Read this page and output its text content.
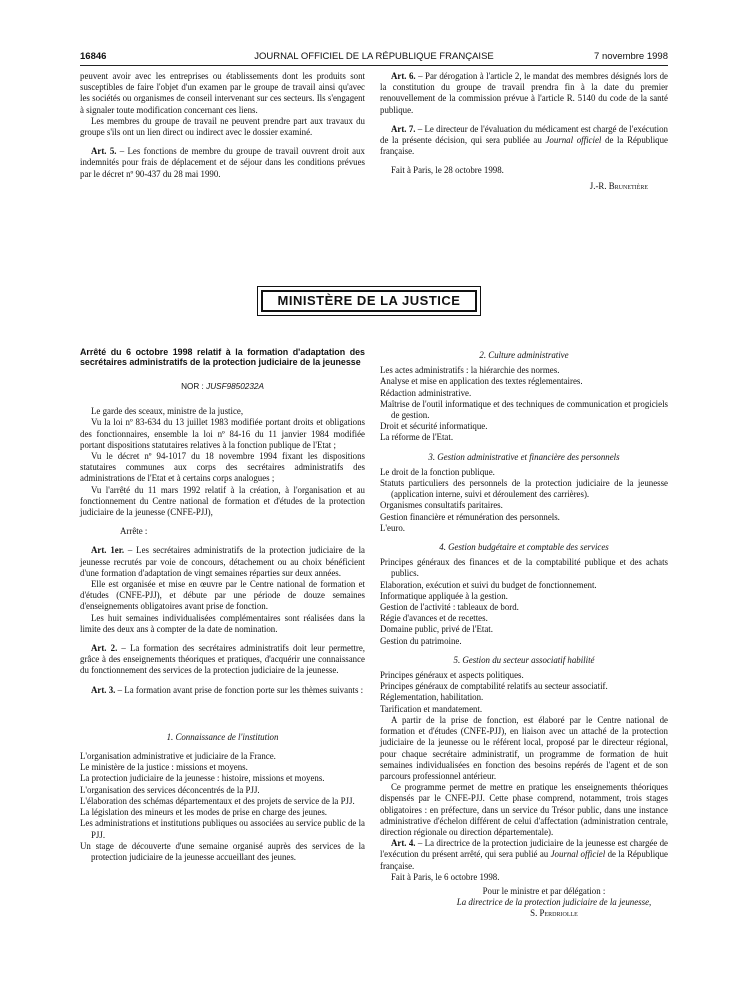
16846	JOURNAL OFFICIEL DE LA RÉPUBLIQUE FRANÇAISE	7 novembre 1998

peuvent avoir avec les entreprises ou établissements dont les produits sont susceptibles de faire l'objet d'un examen par le groupe de travail ainsi qu'avec les sociétés ou organismes de conseil intervenant sur ces secteurs. Ils s'engagent à signaler toute modification concernant ces liens.

Les membres du groupe de travail ne peuvent prendre part aux travaux du groupe s'ils ont un lien direct ou indirect avec le dossier examiné.

Art. 5. – Les fonctions de membre du groupe de travail ouvrent droit aux indemnités pour frais de déplacement et de séjour dans les conditions prévues par le décret nº 90-437 du 28 mai 1990.

Art. 6. – Par dérogation à l'article 2, le mandat des membres désignés lors de la constitution du groupe de travail prendra fin à la date du premier renouvellement de la commission prévue à l'article R. 5140 du code de la santé publique.

Art. 7. – Le directeur de l'évaluation du médicament est chargé de l'exécution de la présente décision, qui sera publiée au Journal officiel de la République française.

Fait à Paris, le 28 octobre 1998.

J.-R. Brunetière

MINISTÈRE DE LA JUSTICE

Arrêté du 6 octobre 1998 relatif à la formation d'adaptation des secrétaires administratifs de la protection judiciaire de la jeunesse

NOR : JUSF9850232A

Le garde des sceaux, ministre de la justice,

Vu la loi nº 83-634 du 13 juillet 1983 modifiée portant droits et obligations des fonctionnaires, ensemble la loi nº 84-16 du 11 janvier 1984 modifiée portant dispositions statutaires relatives à la fonction publique de l'Etat ;

Vu le décret nº 94-1017 du 18 novembre 1994 fixant les dispositions statutaires communes aux corps des secrétaires administratifs des administrations de l'Etat et à certains corps analogues ;

Vu l'arrêté du 11 mars 1992 relatif à la création, à l'organisation et au fonctionnement du Centre national de formation et d'études de la protection judiciaire de la jeunesse (CNFE-PJJ),

Arrête :

Art. 1er. – Les secrétaires administratifs de la protection judiciaire de la jeunesse recrutés par voie de concours, détachement ou au choix bénéficient d'une formation d'adaptation de vingt semaines réparties sur deux années.

Elle est organisée et mise en œuvre par le Centre national de formation et d'études (CNFE-PJJ), et débute par une période de douze semaines d'enseignements obligatoires avant prise de fonction.

Les huit semaines individualisées complémentaires sont réalisées dans la limite des deux ans à compter de la date de nomination.

Art. 2. – La formation des secrétaires administratifs doit leur permettre, grâce à des enseignements théoriques et pratiques, d'acquérir une connaissance du fonctionnement des services de la protection judiciaire de la jeunesse.

Art. 3. – La formation avant prise de fonction porte sur les thèmes suivants :

1. Connaissance de l'institution

L'organisation administrative et judiciaire de la France.

Le ministère de la justice : missions et moyens.

La protection judiciaire de la jeunesse : histoire, missions et moyens.

L'organisation des services déconcentrés de la PJJ.

L'élaboration des schémas départementaux et des projets de service de la PJJ.

La législation des mineurs et les modes de prise en charge des jeunes.

Les administrations et institutions publiques ou associées au service public de la PJJ.

Un stage de découverte d'une semaine organisé auprès des services de la protection judiciaire de la jeunesse accueillant des jeunes.

2. Culture administrative

Les actes administratifs : la hiérarchie des normes.

Analyse et mise en application des textes réglementaires.

Rédaction administrative.

Maîtrise de l'outil informatique et des techniques de communication et progiciels de gestion.

Droit et sécurité informatique.

La réforme de l'Etat.

3. Gestion administrative et financière des personnels

Le droit de la fonction publique.

Statuts particuliers des personnels de la protection judiciaire de la jeunesse (application interne, suivi et déroulement des carrières).

Organismes consultatifs paritaires.

Gestion financière et rémunération des personnels.

L'euro.

4. Gestion budgétaire et comptable des services

Principes généraux des finances et de la comptabilité publique et des achats publics.

Elaboration, exécution et suivi du budget de fonctionnement.

Informatique appliquée à la gestion.

Gestion de l'activité : tableaux de bord.

Régie d'avances et de recettes.

Domaine public, privé de l'Etat.

Gestion du patrimoine.

5. Gestion du secteur associatif habilité

Principes généraux et aspects politiques.

Principes généraux de comptabilité relatifs au secteur associatif.

Réglementation, habilitation.

Tarification et mandatement.

A partir de la prise de fonction, est élaboré par le Centre national de formation et d'études (CNFE-PJJ), en liaison avec un attaché de la protection judiciaire de la jeunesse ou le référent local, proposé par le directeur régional, pour chaque secrétaire administratif, un programme de formation de huit semaines individualisées en fonction des besoins repérés de l'agent et de son parcours professionnel antérieur.

Ce programme permet de mettre en pratique les enseignements théoriques dispensés par le CNFE-PJJ. Cette phase comprend, notamment, trois stages obligatoires : en préfecture, dans un service du Trésor public, dans une instance administrative d'échelon différent de celui d'affectation (administration centrale, direction régionale ou direction départementale).

Art. 4. – La directrice de la protection judiciaire de la jeunesse est chargée de l'exécution du présent arrêté, qui sera publié au Journal officiel de la République française.

Fait à Paris, le 6 octobre 1998.

Pour le ministre et par délégation :

La directrice de la protection judiciaire de la jeunesse,

S. Perdriolle
